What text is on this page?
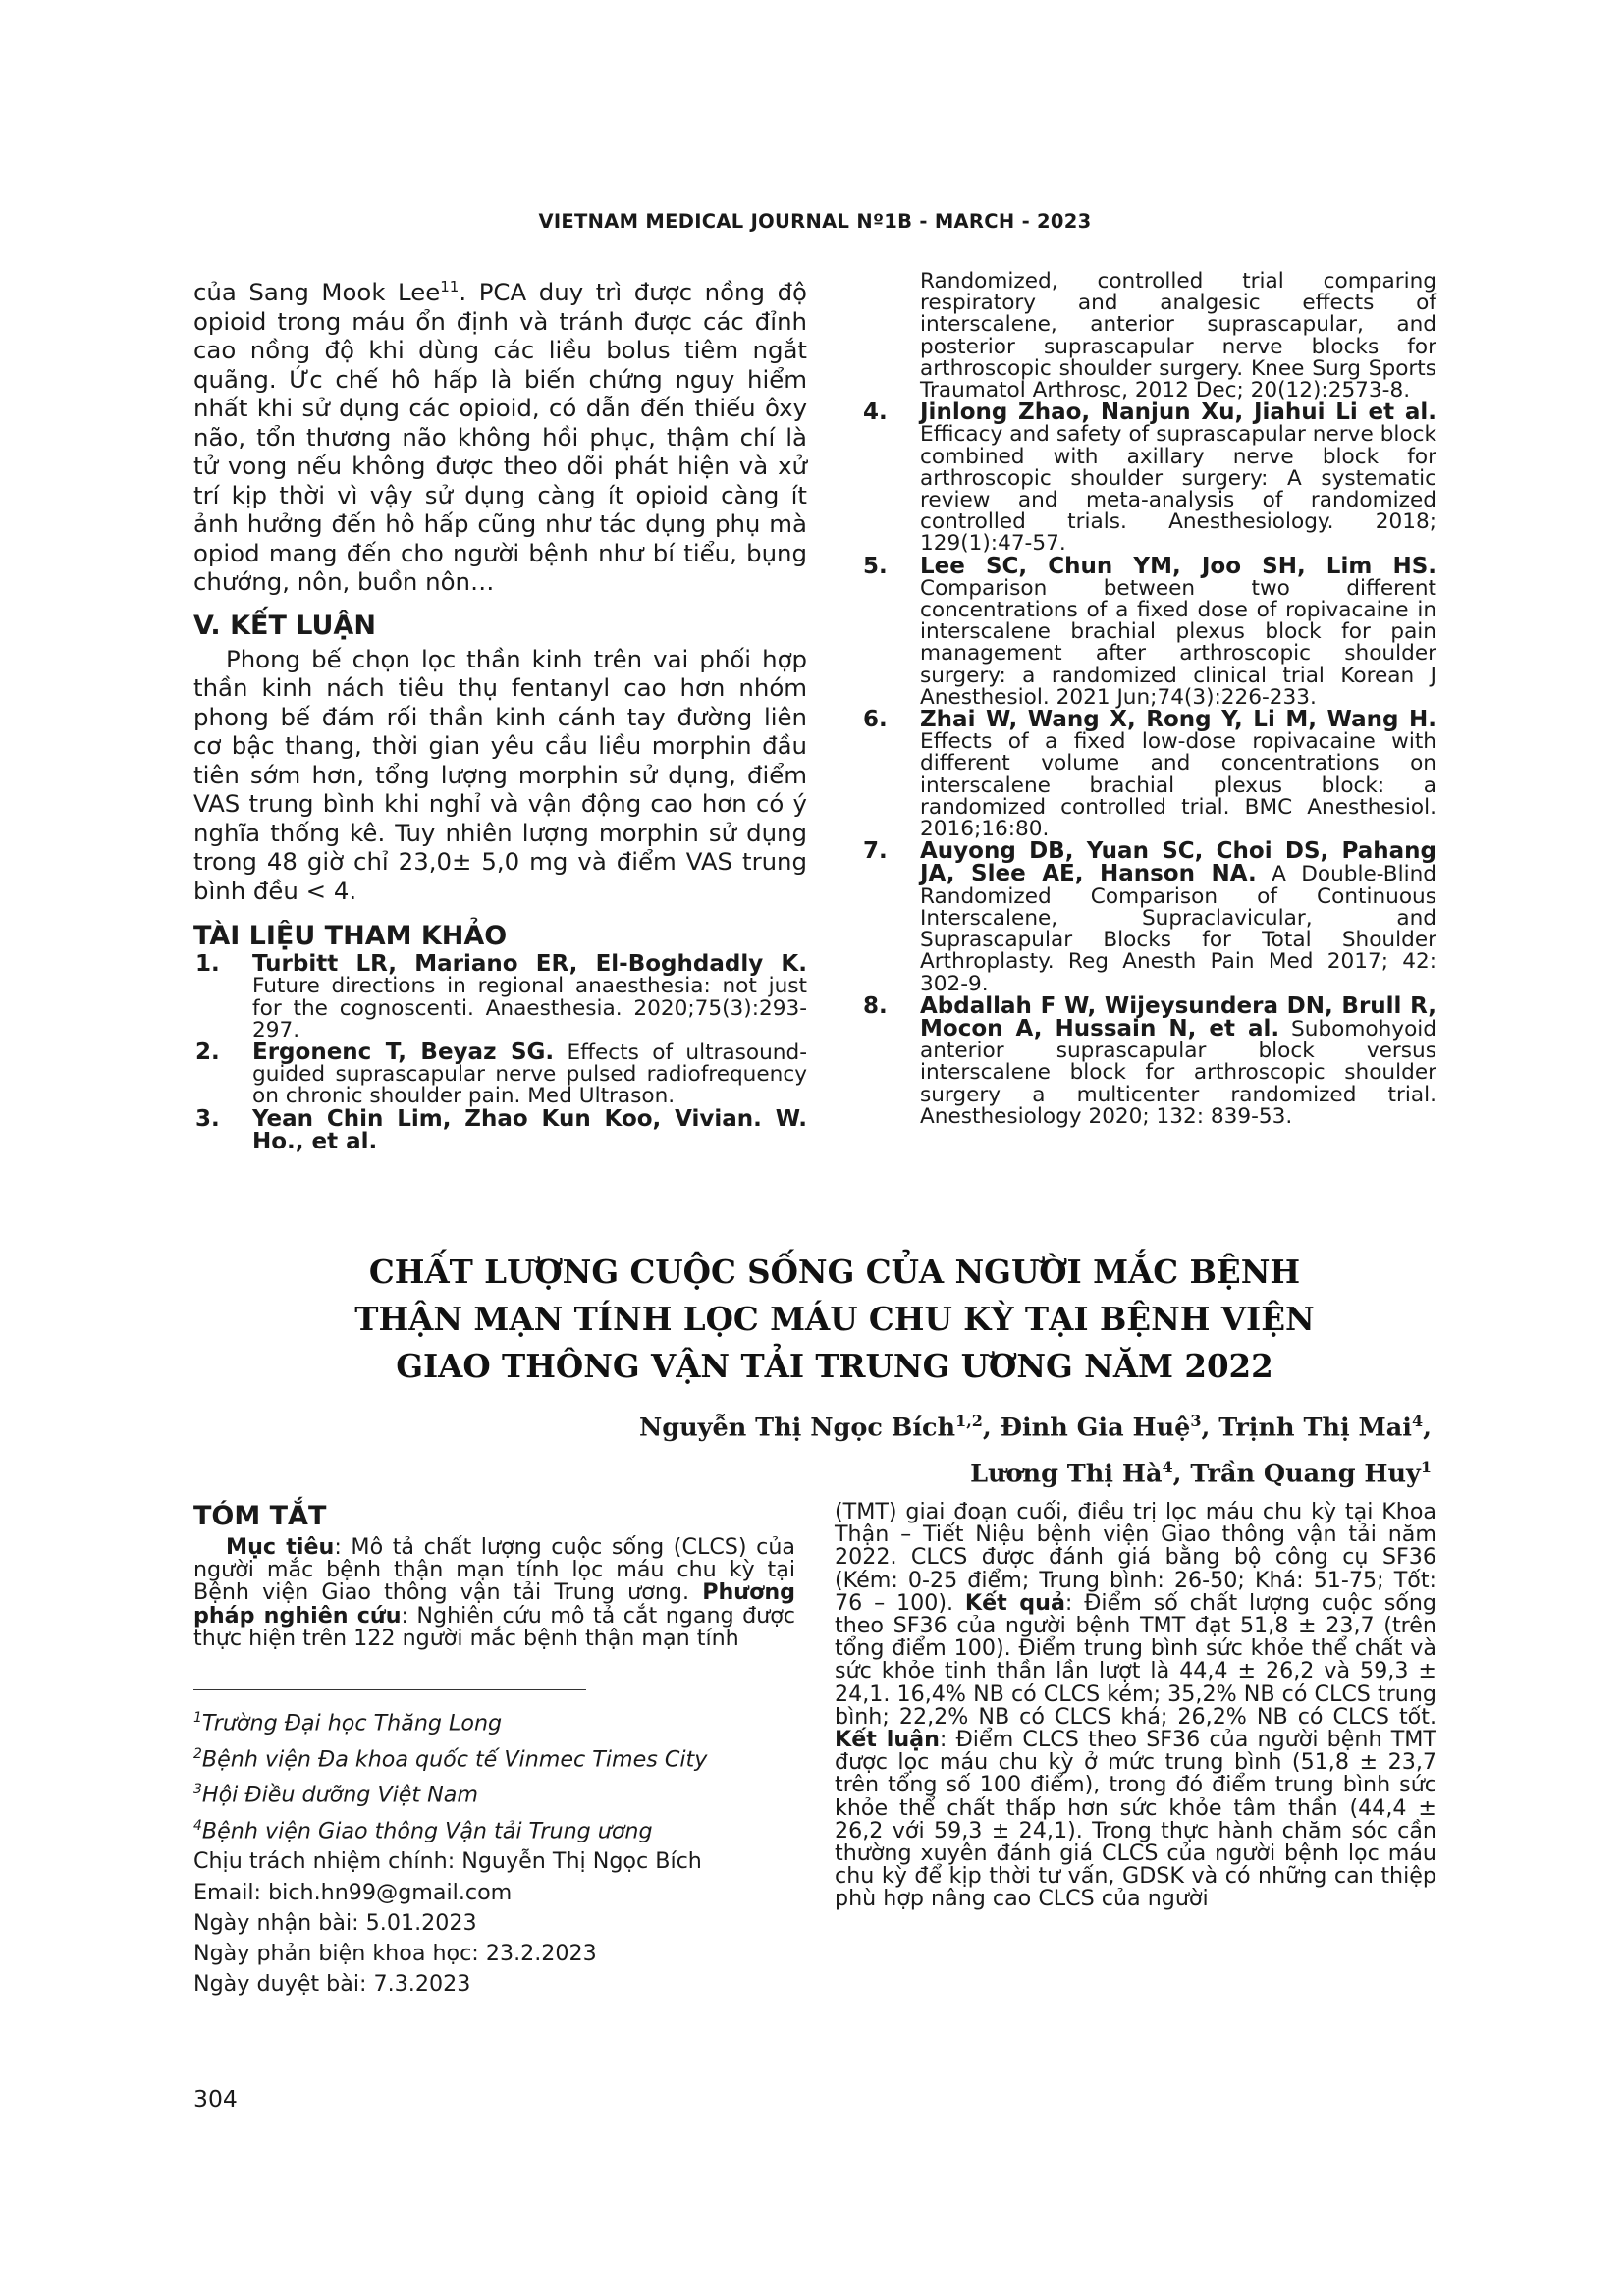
VIETNAM MEDICAL JOURNAL Nº1B - MARCH - 2023

của Sang Mook Lee$^{11}$. PCA duy trì được nồng độ opioid trong máu ổn định và tránh được các đỉnh cao nồng độ khi dùng các liều bolus tiêm ngắt quãng. Ức chế hô hấp là biến chứng nguy hiểm nhất khi sử dụng các opioid, có dẫn đến thiếu ôxy não, tổn thương não không hồi phục, thậm chí là tử vong nếu không được theo dõi phát hiện và xử trí kịp thời vì vậy sử dụng càng ít opioid càng ít ảnh hưởng đến hô hấp cũng như tác dụng phụ mà opiod mang đến cho người bệnh như bí tiểu, bụng chướng, nôn, buồn nôn…

V. KẾT LUẬN

Phong bế chọn lọc thần kinh trên vai phối hợp thần kinh nách tiêu thụ fentanyl cao hơn nhóm phong bế đám rối thần kinh cánh tay đường liên cơ bậc thang, thời gian yêu cầu liều morphin đầu tiên sớm hơn, tổng lượng morphin sử dụng, điểm VAS trung bình khi nghỉ và vận động cao hơn có ý nghĩa thống kê. Tuy nhiên lượng morphin sử dụng trong 48 giờ chỉ 23,0± 5,0 mg và điểm VAS trung bình đều < 4.

TÀI LIỆU THAM KHẢO

1. Turbitt LR, Mariano ER, El-Boghdadly K. Future directions in regional anaesthesia: not just for the cognoscenti. Anaesthesia. 2020;75(3):293-297.

2. Ergonenc T, Beyaz SG. Effects of ultrasound-guided suprascapular nerve pulsed radiofrequency on chronic shoulder pain. Med Ultrason.

3. Yean Chin Lim, Zhao Kun Koo, Vivian. W. Ho., et al.

Randomized, controlled trial comparing respiratory and analgesic effects of interscalene, anterior suprascapular, and posterior suprascapular nerve blocks for arthroscopic shoulder surgery. Knee Surg Sports Traumatol Arthrosc, 2012 Dec; 20(12):2573-8.

4. Jinlong Zhao, Nanjun Xu, Jiahui Li et al. Efficacy and safety of suprascapular nerve block combined with axillary nerve block for arthroscopic shoulder surgery: A systematic review and meta-analysis of randomized controlled trials. Anesthesiology. 2018; 129(1):47-57.

5. Lee SC, Chun YM, Joo SH, Lim HS. Comparison between two different concentrations of a fixed dose of ropivacaine in interscalene brachial plexus block for pain management after arthroscopic shoulder surgery: a randomized clinical trial Korean J Anesthesiol. 2021 Jun;74(3):226-233.

6. Zhai W, Wang X, Rong Y, Li M, Wang H. Effects of a fixed low-dose ropivacaine with different volume and concentrations on interscalene brachial plexus block: a randomized controlled trial. BMC Anesthesiol. 2016;16:80.

7. Auyong DB, Yuan SC, Choi DS, Pahang JA, Slee AE, Hanson NA. A Double-Blind Randomized Comparison of Continuous Interscalene, Supraclavicular, and Suprascapular Blocks for Total Shoulder Arthroplasty. Reg Anesth Pain Med 2017; 42: 302-9.

8. Abdallah F W, Wijeysundera DN, Brull R, Mocon A, Hussain N, et al. Subomohyoid anterior suprascapular block versus interscalene block for arthroscopic shoulder surgery a multicenter randomized trial. Anesthesiology 2020; 132: 839-53.

CHẤT LƯỢNG CUỘC SỐNG CỦA NGƯỜI MẮC BỆNH
THẬN MẠN TÍNH LỌC MÁU CHU KỲ TẠI BỆNH VIỆN
GIAO THÔNG VẬN TẢI TRUNG ƯƠNG NĂM 2022
Nguyễn Thị Ngọc Bích$^{1,2}$, Đinh Gia Huệ$^3$, Trịnh Thị Mai$^4$,
Lương Thị $Hà^4$, Trần Quang Huy$^1$
TÓM TẮT

Mục tiêu: Mô tả chất lượng cuộc sống (CLCS) của người mắc bệnh thận mạn tính lọc máu chu kỳ tại Bệnh viện Giao thông vận tải Trung ương. Phương pháp nghiên cứu: Nghiên cứu mô tả cắt ngang được thực hiện trên 122 người mắc bệnh thận mạn tính

(TMT) giai đoạn cuối, điều trị lọc máu chu kỳ tại Khoa Thận – Tiết Niệu bệnh viện Giao thông vận tải năm 2022. CLCS được đánh giá bằng bộ công cụ SF36 (Kém: 0-25 điểm; Trung bình: 26-50; Khá: 51-75; Tốt: 76 – 100). Kết quả: Điểm số chất lượng cuộc sống theo SF36 của người bệnh TMT đạt 51,8 ± 23,7 (trên tổng điểm 100). Điểm trung bình sức khỏe thể chất và sức khỏe tinh thần lần lượt là 44,4 ± 26,2 và 59,3 ± 24,1. 16,4% NB có CLCS kém; 35,2% NB có CLCS trung bình; 22,2% NB có CLCS khá; 26,2% NB có CLCS tốt. Kết luận: Điểm CLCS theo SF36 của người bệnh TMT được lọc máu chu kỳ ở mức trung bình (51,8 ± 23,7 trên tổng số 100 điểm), trong đó điểm trung bình sức khỏe thể chất thấp hơn sức khỏe tâm thần (44,4 ± 26,2 với 59,3 ± 24,1). Trong thực hành chăm sóc cần thường xuyên đánh giá CLCS của người bệnh lọc máu chu kỳ để kịp thời tư vấn, GDSK và có những can thiệp phù hợp nâng cao CLCS của người

$^1$Trường Đại học Thăng Long
$^2$Bệnh viện Đa khoa quốc tế Vinmec Times City
$^3$Hội Điều dưỡng Việt Nam
$^4$Bệnh viện Giao thông Vận tải Trung ương
Chịu trách nhiệm chính: Nguyễn Thị Ngọc Bích
Email: bich.hn99@gmail.com
Ngày nhận bài: 5.01.2023
Ngày phản biện khoa học: 23.2.2023
Ngày duyệt bài: 7.3.2023
304
